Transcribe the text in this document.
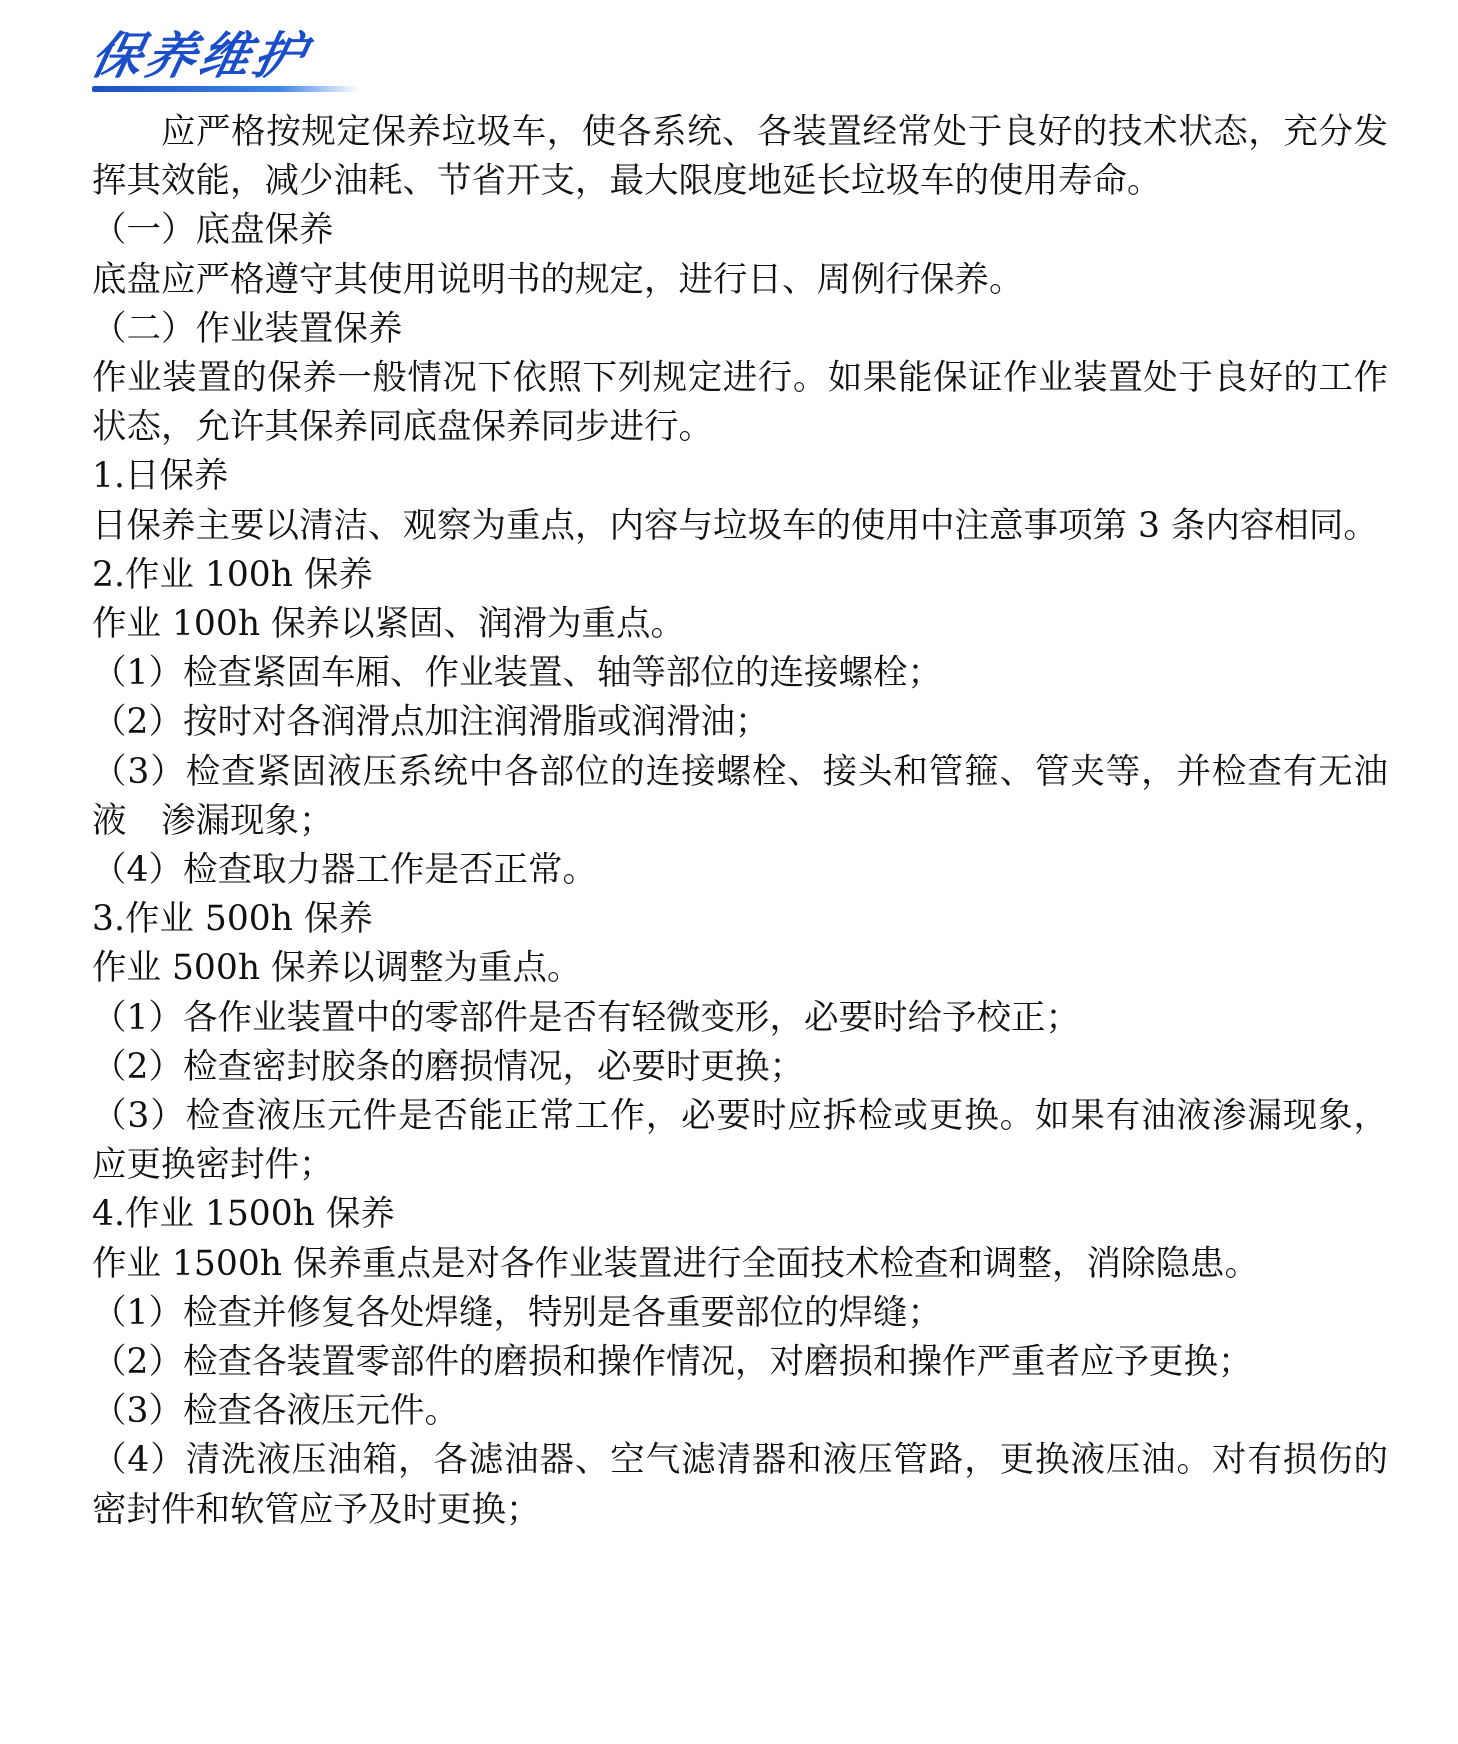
保养维护

应严格按规定保养垃圾车，使各系统、各装置经常处于良好的技术状态，充分发挥其效能，减少油耗、节省开支，最大限度地延长垃圾车的使用寿命。

（一）底盘保养

底盘应严格遵守其使用说明书的规定，进行日、周例行保养。

（二）作业装置保养

作业装置的保养一般情况下依照下列规定进行。如果能保证作业装置处于良好的工作状态，允许其保养同底盘保养同步进行。

1.日保养

日保养主要以清洁、观察为重点，内容与垃圾车的使用中注意事项第 3 条内容相同。

2.作业 100h 保养

作业 100h 保养以紧固、润滑为重点。

（1）检查紧固车厢、作业装置、轴等部位的连接螺栓；

（2）按时对各润滑点加注润滑脂或润滑油；

（3）检查紧固液压系统中各部位的连接螺栓、接头和管箍、管夹等，并检查有无油液　渗漏现象；

（4）检查取力器工作是否正常。

3.作业 500h 保养

作业 500h 保养以调整为重点。

（1）各作业装置中的零部件是否有轻微变形，必要时给予校正；

（2）检查密封胶条的磨损情况，必要时更换；

（3）检查液压元件是否能正常工作，必要时应拆检或更换。如果有油液渗漏现象，应更换密封件；

4.作业 1500h 保养

作业 1500h 保养重点是对各作业装置进行全面技术检查和调整，消除隐患。

（1）检查并修复各处焊缝，特别是各重要部位的焊缝；

（2）检查各装置零部件的磨损和操作情况，对磨损和操作严重者应予更换；

（3）检查各液压元件。

（4）清洗液压油箱，各滤油器、空气滤清器和液压管路，更换液压油。对有损伤的密封件和软管应予及时更换；
